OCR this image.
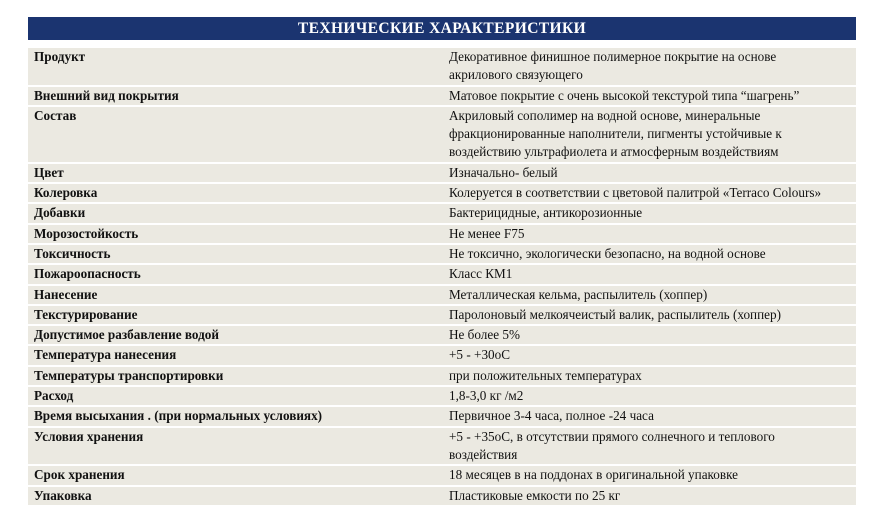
ТЕХНИЧЕСКИЕ ХАРАКТЕРИСТИКИ
Продукт	Декоративное финишное полимерное покрытие на основе акрилового связующего
Внешний вид покрытия	Матовое покрытие с очень высокой текстурой типа “шагрень”
Состав	Акриловый сополимер на водной основе, минеральные фракционированные наполнители, пигменты устойчивые к воздействию ультрафиолета и атмосферным воздействиям
Цвет	Изначально- белый
Колеровка	Колеруется в соответствии с цветовой палитрой «Terraco Colours»
Добавки	Бактерицидные, антикорозионные
Морозостойкость	Не менее F75
Токсичность	Не токсично, экологически безопасно, на водной основе
Пожароопасность	Класс КМ1
Нанесение	Металлическая кельма, распылитель (хоппер)
Текстурирование	Паролоновый мелкоячеистый валик, распылитель (хоппер)
Допустимое разбавление водой	Не более 5%
Температура нанесения	+5 - +30оС
Температуры транспортировки	при положительных температурах
Расход	1,8-3,0 кг /м2
Время высыхания . (при нормальных условиях)	Первичное 3-4 часа, полное -24 часа
Условия хранения	+5 - +35оС, в отсутствии прямого солнечного и теплового воздействия
Срок хранения	18 месяцев в на поддонах в оригинальной упаковке
Упаковка	Пластиковые емкости по 25 кг
